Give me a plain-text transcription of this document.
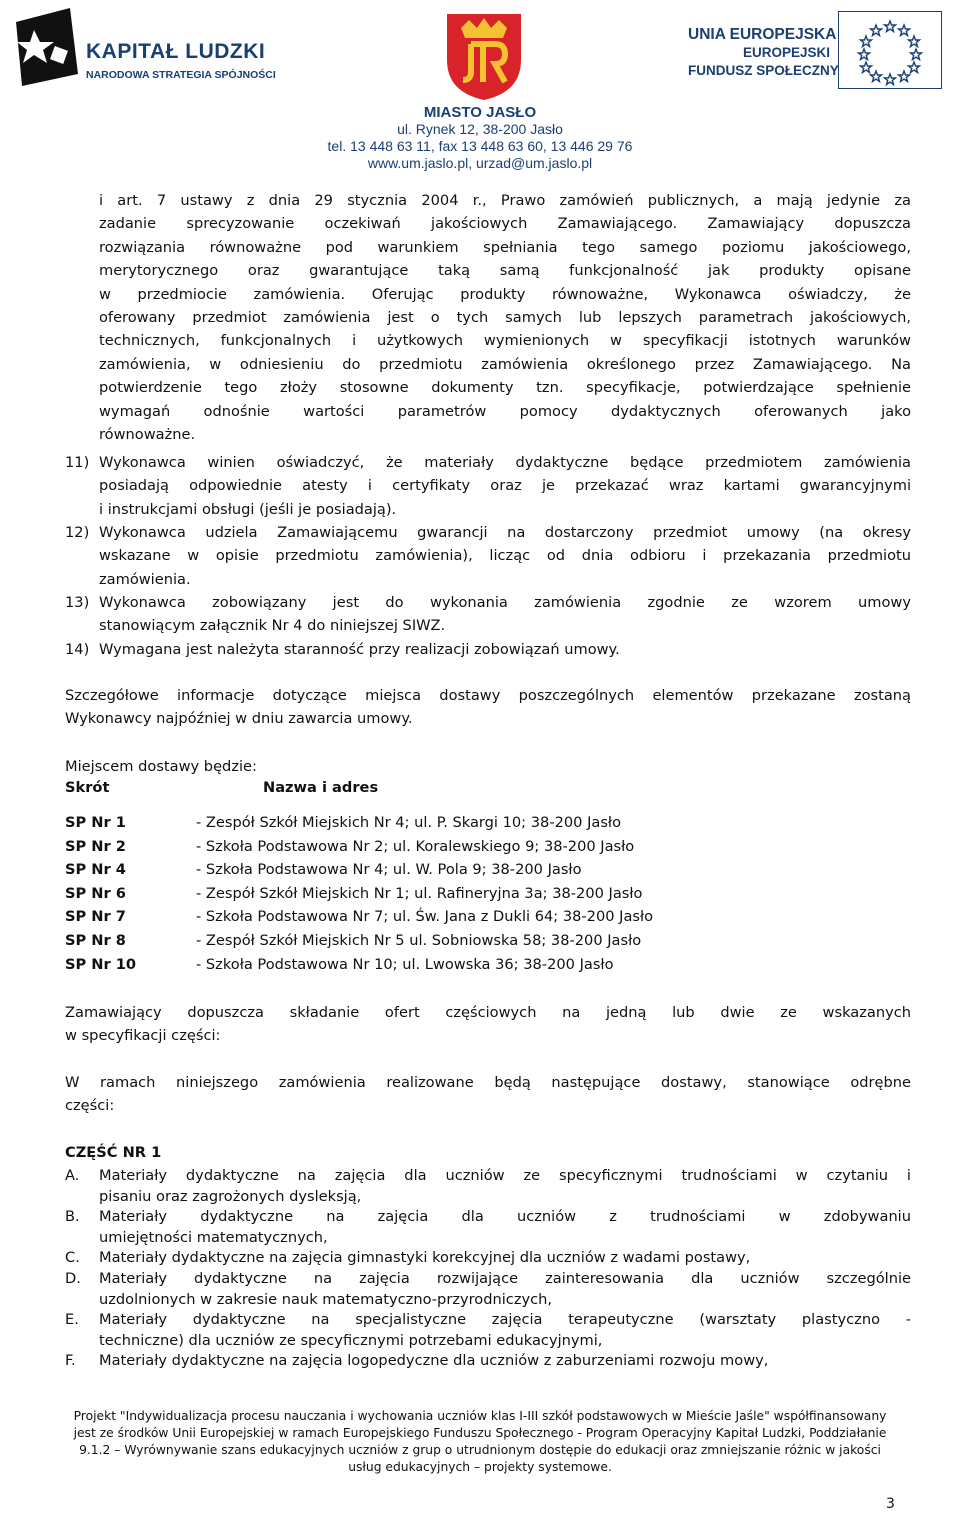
KAPITAŁ LUDZKI
NARODOWA STRATEGIA SPÓJNOŚCI
UNIA EUROPEJSKA
EUROPEJSKI
FUNDUSZ SPOŁECZNY
MIASTO JASŁO
ul. Rynek 12, 38-200 Jasło
tel. 13 448 63 11, fax 13 448 63 60, 13 446 29 76
www.um.jaslo.pl, urzad@um.jaslo.pl
i art. 7 ustawy z dnia 29 stycznia 2004 r., Prawo zamówień publicznych, a mają jedynie za
zadanie sprecyzowanie oczekiwań jakościowych Zamawiającego. Zamawiający dopuszcza
rozwiązania równoważne pod warunkiem spełniania tego samego poziomu jakościowego,
merytorycznego oraz gwarantujące taką samą funkcjonalność jak produkty opisane
w przedmiocie zamówienia. Oferując produkty równoważne, Wykonawca oświadczy, że
oferowany przedmiot zamówienia jest o tych samych lub lepszych parametrach jakościowych,
technicznych, funkcjonalnych i użytkowych wymienionych w specyfikacji istotnych warunków
zamówienia, w odniesieniu do przedmiotu zamówienia określonego przez Zamawiającego. Na
potwierdzenie tego złoży stosowne dokumenty tzn. specyfikacje, potwierdzające spełnienie
wymagań odnośnie wartości parametrów pomocy dydaktycznych oferowanych jako
równoważne.
11) Wykonawca winien oświadczyć, że materiały dydaktyczne będące przedmiotem zamówienia
posiadają odpowiednie atesty i certyfikaty oraz je przekazać wraz kartami gwarancyjnymi
i instrukcjami obsługi (jeśli je posiadają).
12) Wykonawca udziela Zamawiającemu gwarancji na dostarczony przedmiot umowy (na okresy
wskazane w opisie przedmiotu zamówienia), licząc od dnia odbioru i przekazania przedmiotu
zamówienia.
13) Wykonawca zobowiązany jest do wykonania zamówienia zgodnie ze wzorem umowy
stanowiącym załącznik Nr 4 do niniejszej SIWZ.
14) Wymagana jest należyta staranność przy realizacji zobowiązań umowy.
Szczegółowe informacje dotyczące miejsca dostawy poszczególnych elementów przekazane zostaną
Wykonawcy najpóźniej w dniu zawarcia umowy.
Miejscem dostawy będzie:
Skrót	Nazwa i adres
SP Nr 1	- Zespół Szkół Miejskich Nr 4; ul. P. Skargi 10; 38-200 Jasło
SP Nr 2	- Szkoła Podstawowa Nr 2; ul. Koralewskiego 9; 38-200 Jasło
SP Nr 4	- Szkoła Podstawowa Nr 4; ul. W. Pola 9; 38-200 Jasło
SP Nr 6	- Zespół Szkół Miejskich Nr 1; ul. Rafineryjna 3a; 38-200 Jasło
SP Nr 7	- Szkoła Podstawowa Nr 7; ul. Św. Jana z Dukli 64; 38-200 Jasło
SP Nr 8	- Zespół Szkół Miejskich Nr 5 ul. Sobniowska 58; 38-200 Jasło
SP Nr 10	- Szkoła Podstawowa Nr 10; ul. Lwowska 36; 38-200 Jasło
Zamawiający dopuszcza składanie ofert częściowych na jedną lub dwie ze wskazanych
w specyfikacji części:
W ramach niniejszego zamówienia realizowane będą następujące dostawy, stanowiące odrębne
części:
CZĘŚĆ NR 1
A. Materiały dydaktyczne na zajęcia dla uczniów ze specyficznymi trudnościami w czytaniu i
pisaniu oraz zagrożonych dysleksją,
B. Materiały dydaktyczne na zajęcia dla uczniów z trudnościami w zdobywaniu
umiejętności matematycznych,
C. Materiały dydaktyczne na zajęcia gimnastyki korekcyjnej dla uczniów z wadami postawy,
D. Materiały dydaktyczne na zajęcia rozwijające zainteresowania dla uczniów szczególnie
uzdolnionych w zakresie nauk matematyczno-przyrodniczych,
E. Materiały dydaktyczne na specjalistyczne zajęcia terapeutyczne (warsztaty plastyczno -
techniczne) dla uczniów ze specyficznymi potrzebami edukacyjnymi,
F. Materiały dydaktyczne na zajęcia logopedyczne dla uczniów z zaburzeniami rozwoju mowy,
Projekt "Indywidualizacja procesu nauczania i wychowania uczniów klas I-III szkół podstawowych w Mieście Jaśle" współfinansowany
jest ze środków Unii Europejskiej w ramach Europejskiego Funduszu Społecznego - Program Operacyjny Kapitał Ludzki, Poddziałanie
9.1.2 – Wyrównywanie szans edukacyjnych uczniów z grup o utrudnionym dostępie do edukacji oraz zmniejszanie różnic w jakości
usług edukacyjnych – projekty systemowe.
3
